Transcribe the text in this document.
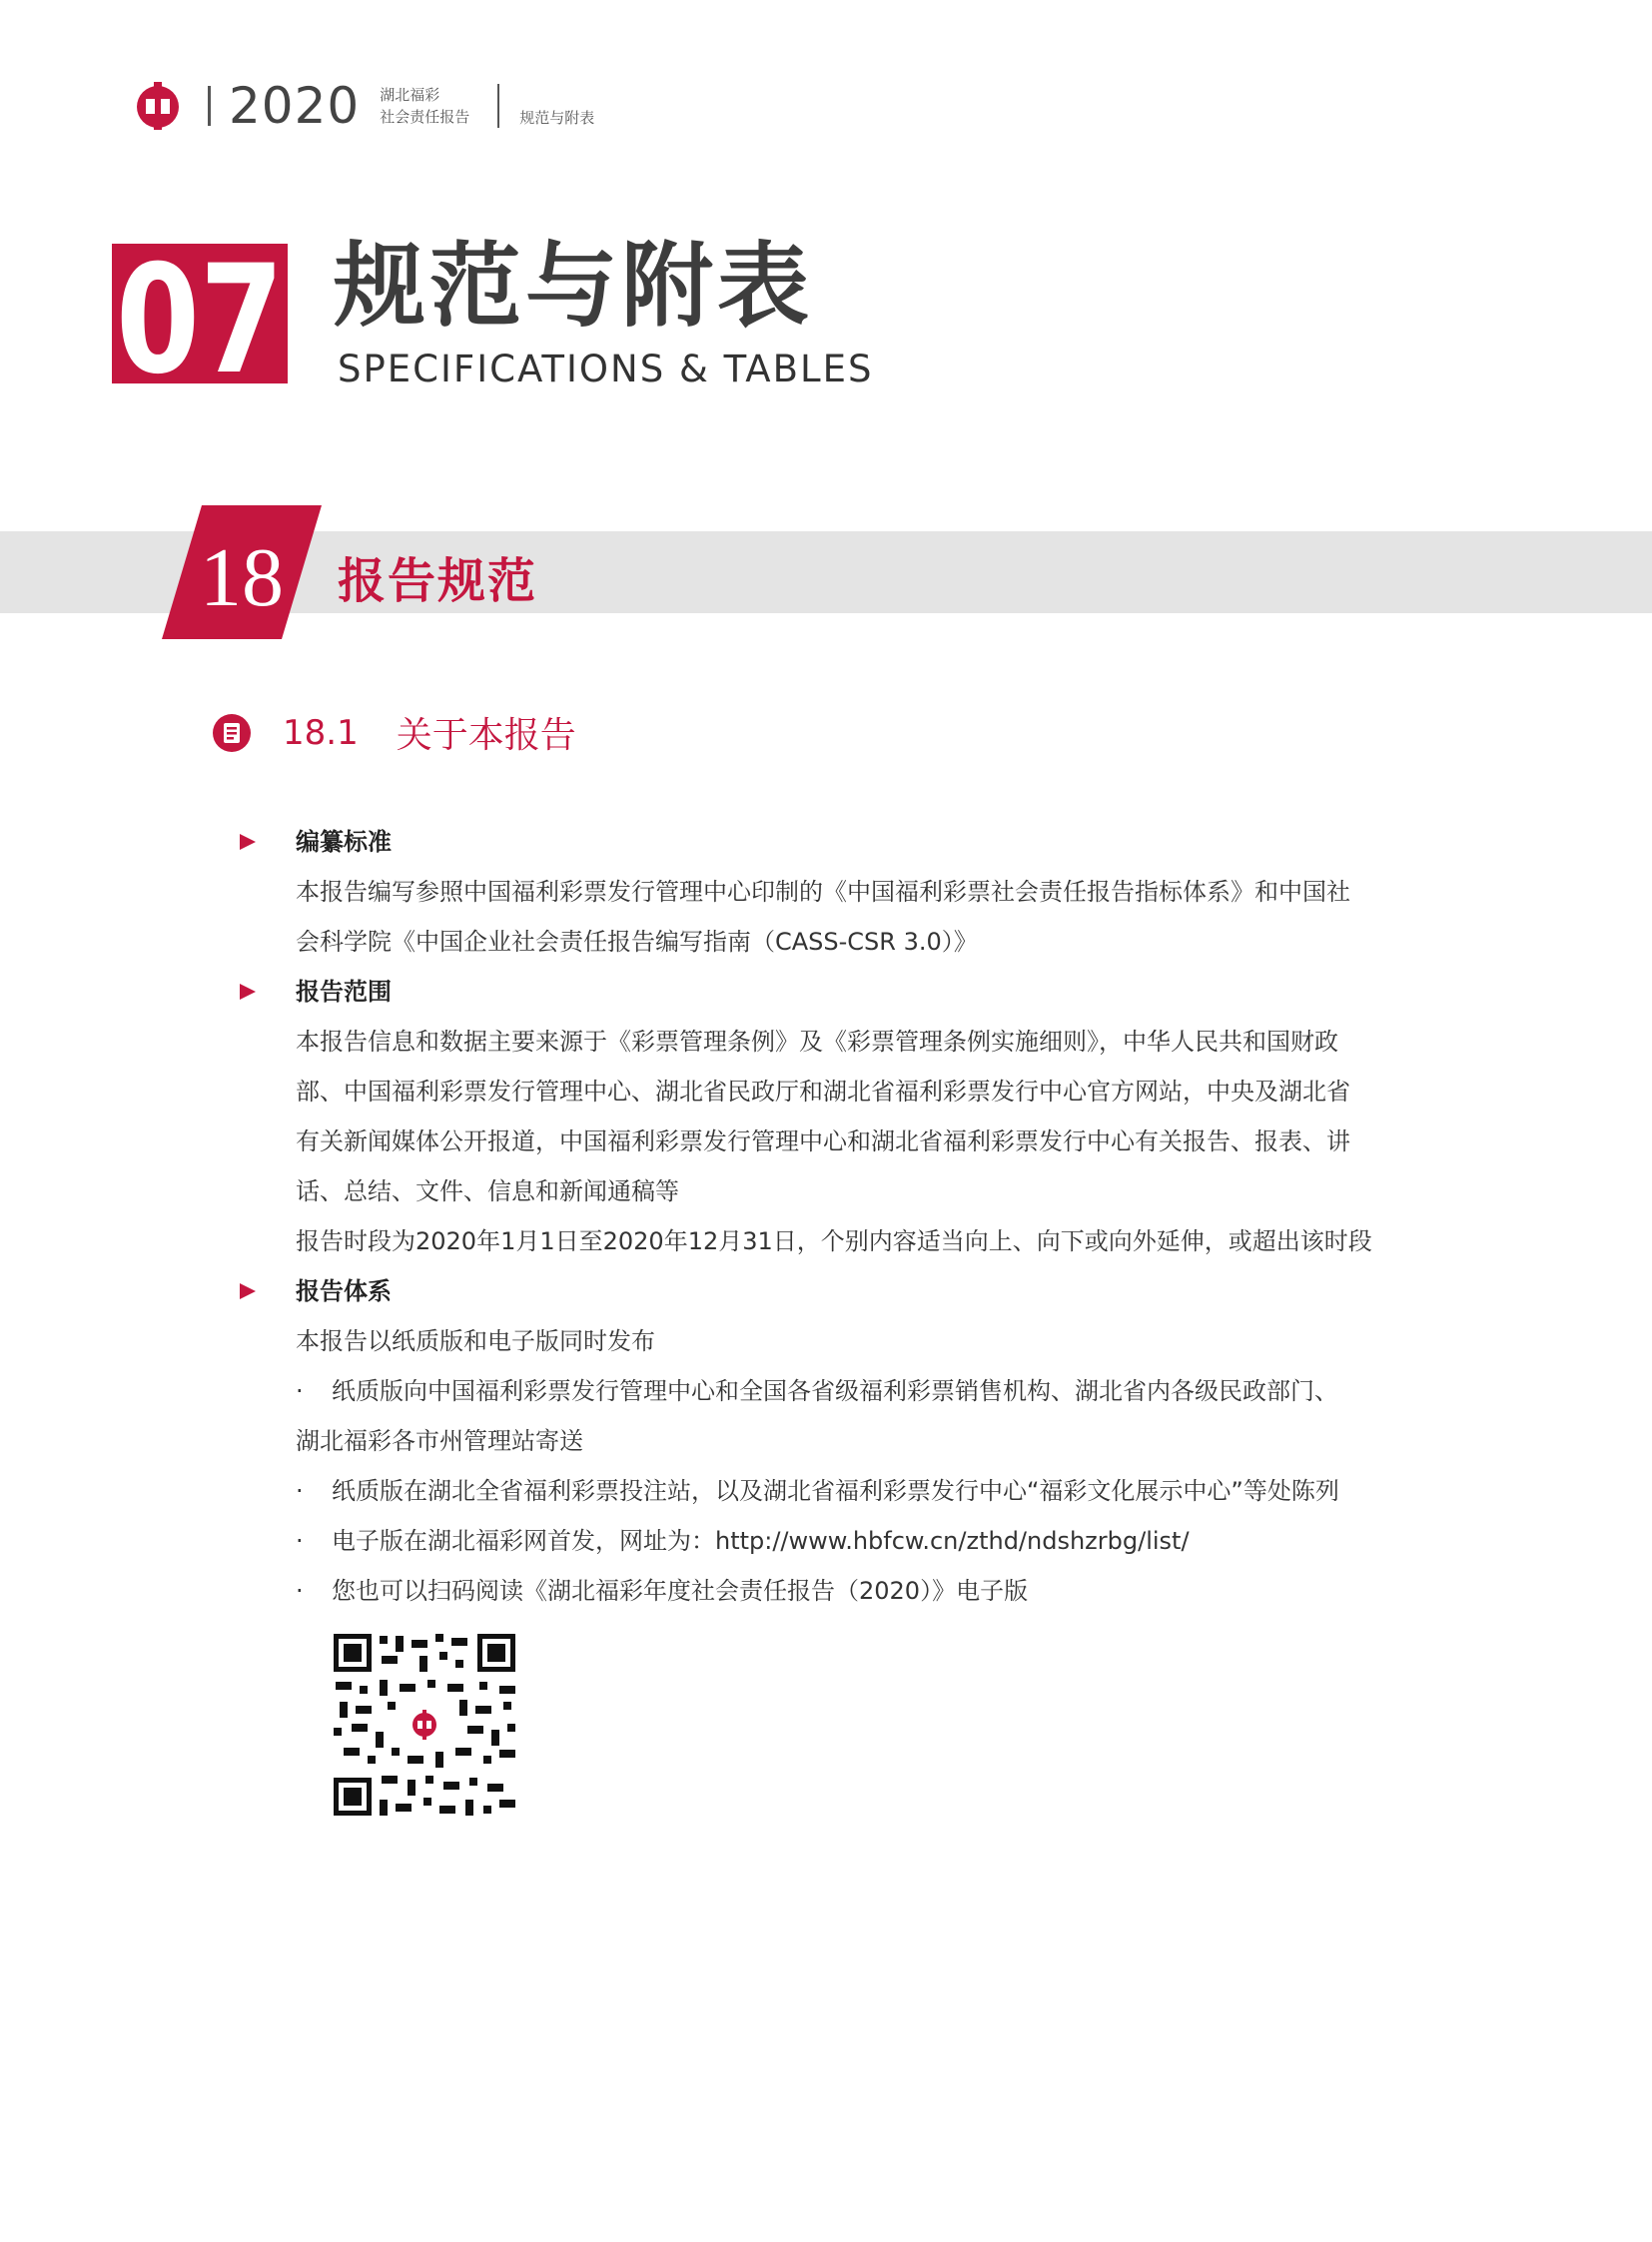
2020 湖北福彩
社会责任报告	规范与附表
07 规范与附表
SPECIFICATIONS & TABLES
18 报告规范
18.1 关于本报告
编纂标准
本报告编写参照中国福利彩票发行管理中心印制的《中国福利彩票社会责任报告指标体系》和中国社
会科学院《中国企业社会责任报告编写指南（CASS-CSR 3.0）》
报告范围
本报告信息和数据主要来源于《彩票管理条例》及《彩票管理条例实施细则》，中华人民共和国财政
部、中国福利彩票发行管理中心、湖北省民政厅和湖北省福利彩票发行中心官方网站，中央及湖北省
有关新闻媒体公开报道，中国福利彩票发行管理中心和湖北省福利彩票发行中心有关报告、报表、讲
话、总结、文件、信息和新闻通稿等
报告时段为2020年1月1日至2020年12月31日，个别内容适当向上、向下或向外延伸，或超出该时段
报告体系
本报告以纸质版和电子版同时发布
· 纸质版向中国福利彩票发行管理中心和全国各省级福利彩票销售机构、湖北省内各级民政部门、
湖北福彩各市州管理站寄送
· 纸质版在湖北全省福利彩票投注站，以及湖北省福利彩票发行中心“福彩文化展示中心”等处陈列
· 电子版在湖北福彩网首发，网址为：http://www.hbfcw.cn/zthd/ndshzrbg/list/
· 您也可以扫码阅读《湖北福彩年度社会责任报告（2020）》电子版
